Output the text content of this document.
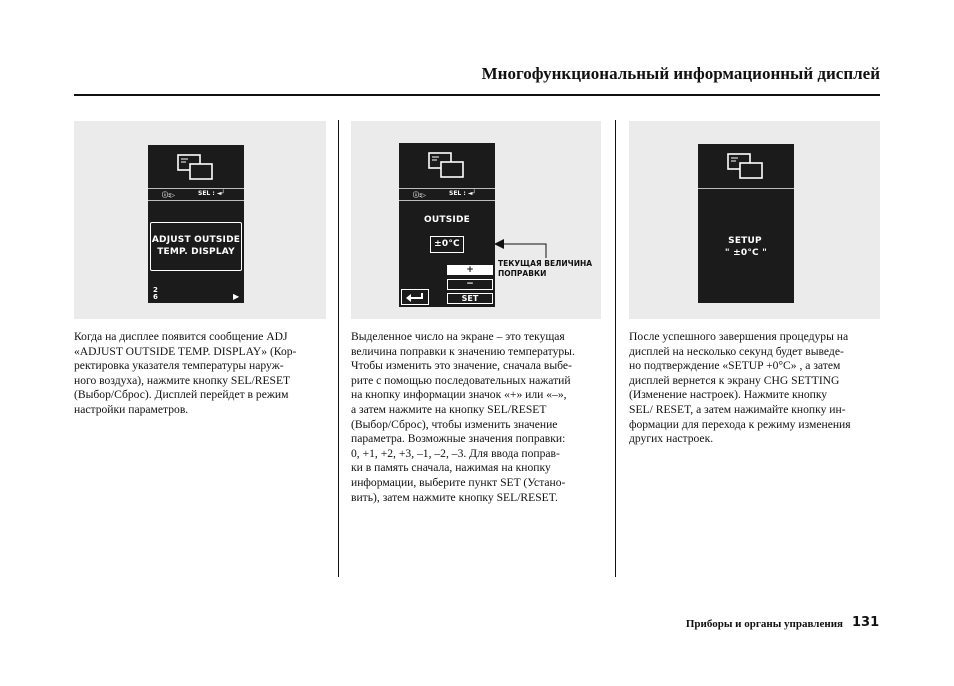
Многофункциональный информационный дисплей
ⓘ:▷	SEL : ◄┘
ADJUST OUTSIDE
TEMP. DISPLAY
2
6	▶
ⓘ:▷	SEL : ◄┘
OUTSIDE
±0°C
+
−
SET
ТЕКУЩАЯ ВЕЛИЧИНА
ПОПРАВКИ
SETUP
" ±0°C "
Когда на дисплее появится сообщение ADJ
«ADJUST OUTSIDE TEMP. DISPLAY» (Кор-
ректировка указателя температуры наруж-
ного воздуха), нажмите кнопку SEL/RESET
(Выбор/Сброс). Дисплей перейдет в режим
настройки параметров.
Выделенное число на экране – это текущая
величина поправки к значению температуры.
Чтобы изменить это значение, сначала выбе-
рите с помощью последовательных нажатий
на кнопку информации значок «+» или «–»,
а затем нажмите на кнопку SEL/RESET
(Выбор/Сброс), чтобы изменить значение
параметра. Возможные значения поправки:
0, +1, +2, +3, –1, –2, –3. Для ввода поправ-
ки в память сначала, нажимая на кнопку
информации, выберите пункт SET (Устано-
вить), затем нажмите кнопку SEL/RESET.
После успешного завершения процедуры на
дисплей на несколько секунд будет выведе-
но подтверждение «SETUP +0°C» , а затем
дисплей вернется к экрану CHG SETTING
(Изменение настроек). Нажмите кнопку
SEL/ RESET, а затем нажимайте кнопку ин-
формации для перехода к режиму изменения
других настроек.
Приборы и органы управления 131
